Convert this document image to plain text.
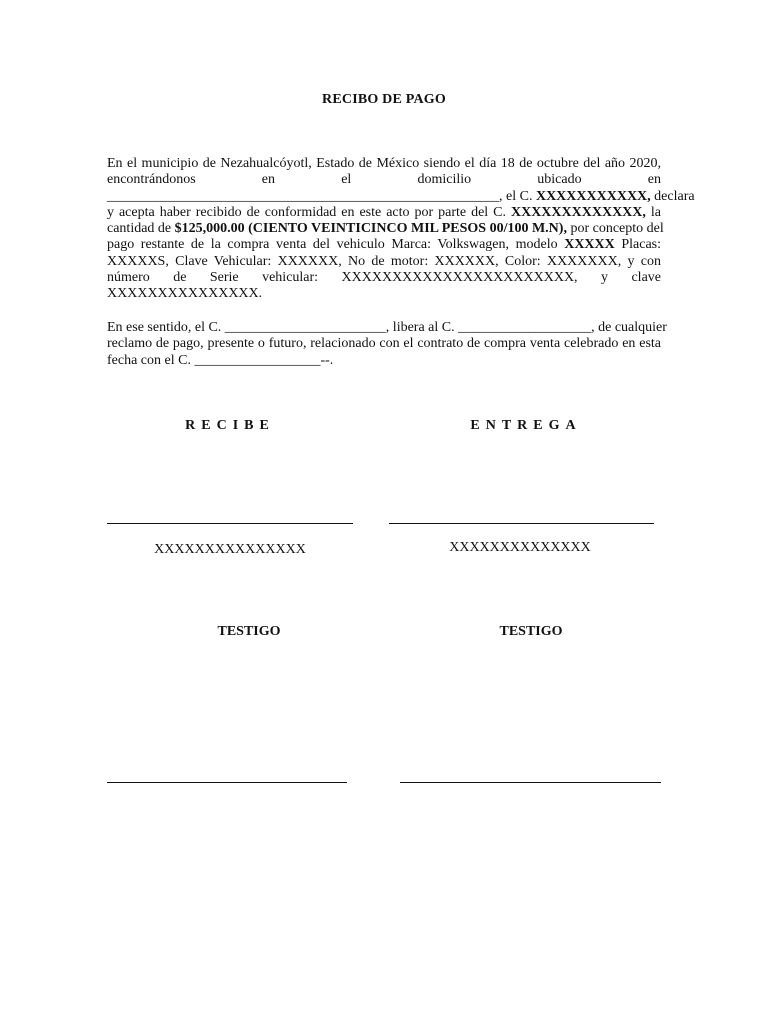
RECIBO DE PAGO
En el municipio de Nezahualcóyotl, Estado de México siendo el día 18 de octubre del año 2020,
encontrándonos en el domicilio ubicado en
________________________________________________________, el C. XXXXXXXXXXX, declara
y acepta haber recibido de conformidad en este acto por parte del C. XXXXXXXXXXXXX, la
cantidad de $125,000.00 (CIENTO VEINTICINCO MIL PESOS 00/100 M.N), por concepto del
pago restante de la compra venta del vehiculo Marca: Volkswagen, modelo XXXXX Placas:
XXXXXS, Clave Vehicular: XXXXXX, No de motor: XXXXXX, Color: XXXXXXX, y con
número de Serie vehicular: XXXXXXXXXXXXXXXXXXXXXXX, y clave
XXXXXXXXXXXXXXX.
En ese sentido, el C. _______________________, libera al C. ___________________, de cualquier
reclamo de pago, presente o futuro, relacionado con el contrato de compra venta celebrado en esta
fecha con el C. __________________--.
RECIBE	ENTREGA
XXXXXXXXXXXXXXX	XXXXXXXXXXXXXX
TESTIGO	TESTIGO
